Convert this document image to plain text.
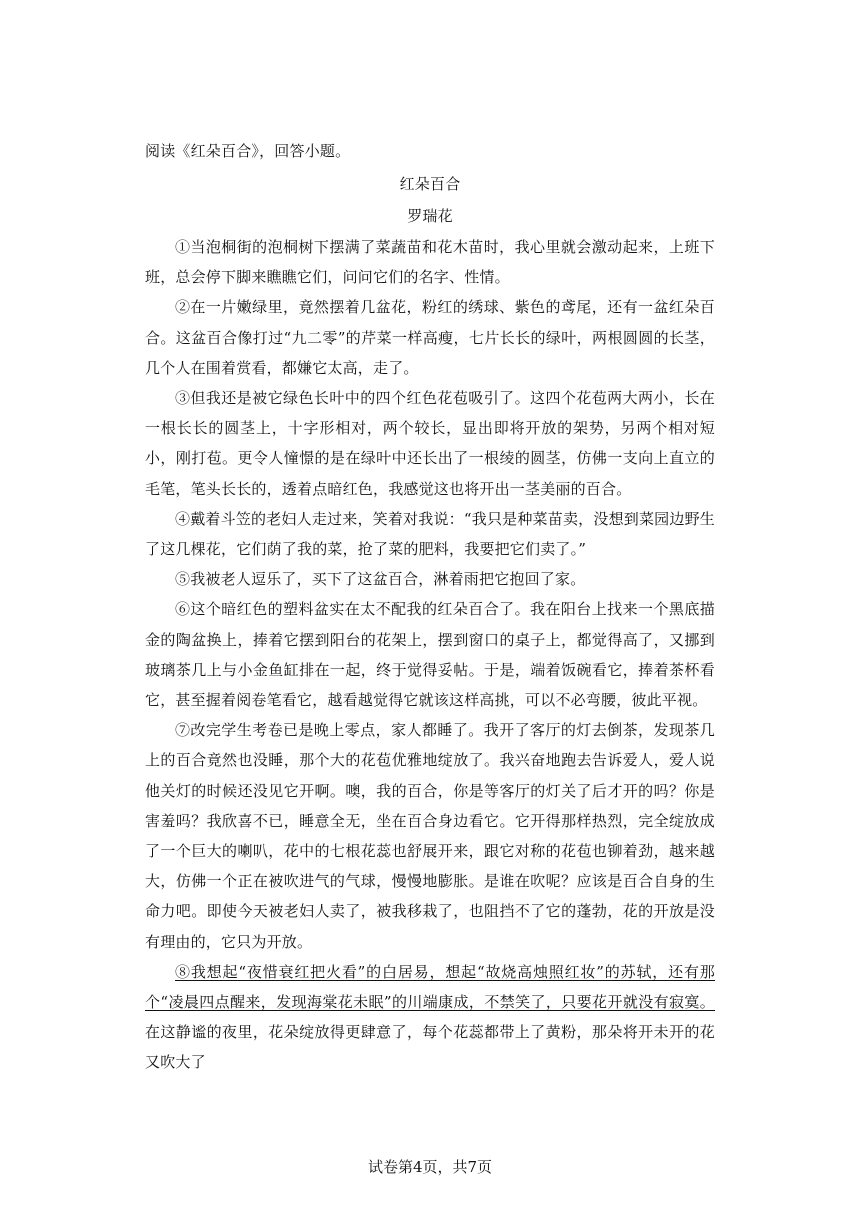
阅读《红朵百合》，回答小题。

红朵百合

罗瑞花

①当泡桐街的泡桐树下摆满了菜蔬苗和花木苗时，我心里就会激动起来，上班下班，总会停下脚来瞧瞧它们，问问它们的名字、性情。

②在一片嫩绿里，竟然摆着几盆花，粉红的绣球、紫色的鸢尾，还有一盆红朵百合。这盆百合像打过“九二零”的芹菜一样高瘦，七片长长的绿叶，两根圆圆的长茎，几个人在围着赏看，都嫌它太高，走了。

③但我还是被它绿色长叶中的四个红色花苞吸引了。这四个花苞两大两小，长在一根长长的圆茎上，十字形相对，两个较长，显出即将开放的架势，另两个相对短小，刚打苞。更令人憧憬的是在绿叶中还长出了一根绫的圆茎，仿佛一支向上直立的毛笔，笔头长长的，透着点暗红色，我感觉这也将开出一茎美丽的百合。

④戴着斗笠的老妇人走过来，笑着对我说：“我只是种菜苗卖，没想到菜园边野生了这几棵花，它们荫了我的菜，抢了菜的肥料，我要把它们卖了。”

⑤我被老人逗乐了，买下了这盆百合，淋着雨把它抱回了家。

⑥这个暗红色的塑料盆实在太不配我的红朵百合了。我在阳台上找来一个黑底描金的陶盆换上，捧着它摆到阳台的花架上，摆到窗口的桌子上，都觉得高了，又挪到玻璃茶几上与小金鱼缸排在一起，终于觉得妥帖。于是，端着饭碗看它，捧着茶杯看它，甚至握着阅卷笔看它，越看越觉得它就该这样高挑，可以不必弯腰，彼此平视。

⑦改完学生考卷已是晚上零点，家人都睡了。我开了客厅的灯去倒茶，发现茶几上的百合竟然也没睡，那个大的花苞优雅地绽放了。我兴奋地跑去告诉爱人，爱人说他关灯的时候还没见它开啊。噢，我的百合，你是等客厅的灯关了后才开的吗？你是害羞吗？我欣喜不已，睡意全无，坐在百合身边看它。它开得那样热烈，完全绽放成了一个巨大的喇叭，花中的七根花蕊也舒展开来，跟它对称的花苞也铆着劲，越来越大，仿佛一个正在被吹进气的气球，慢慢地膨胀。是谁在吹呢？应该是百合自身的生命力吧。即使今天被老妇人卖了，被我移栽了，也阻挡不了它的蓬勃，花的开放是没有理由的，它只为开放。

⑧我想起“夜惜衰红把火看”的白居易，想起“故烧高烛照红妆”的苏轼，还有那个“凌晨四点醒来，发现海棠花未眠”的川端康成，不禁笑了，只要花开就没有寂寞。在这静谧的夜里，花朵绽放得更肆意了，每个花蕊都带上了黄粉，那朵将开未开的花又吹大了

试卷第4页，共7页
